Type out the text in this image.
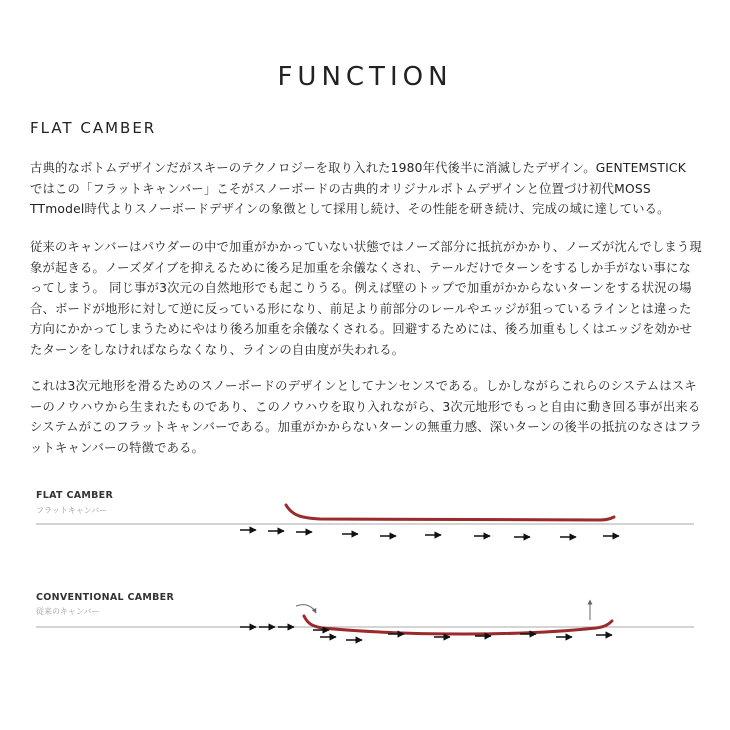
FUNCTION
FLAT CAMBER

古典的なボトムデザインだがスキーのテクノロジーを取り入れた1980年代後半に消滅したデザイン。GENTEMSTICK ではこの「フラットキャンバー」こそがスノーボードの古典的オリジナルボトムデザインと位置づけ初代MOSS TTmodel時代よりスノーボードデザインの象徴として採用し続け、その性能を研き続け、完成の域に達している。

従来のキャンバーはパウダーの中で加重がかかっていない状態ではノーズ部分に抵抗がかかり、ノーズが沈んでしまう現象が起きる。ノーズダイブを抑えるために後ろ足加重を余儀なくされ、テールだけでターンをするしか手がない事になってしまう。 同じ事が3次元の自然地形でも起こりうる。例えば壁のトップで加重がかからないターンをする状況の場合、ボードが地形に対して逆に反っている形になり、前足より前部分のレールやエッジが狙っているラインとは違った方向にかかってしまうためにやはり後ろ加重を余儀なくされる。回避するためには、後ろ加重もしくはエッジを効かせたターンをしなければならなくなり、ラインの自由度が失われる。

これは3次元地形を滑るためのスノーボードのデザインとしてナンセンスである。しかしながらこれらのシステムはスキーのノウハウから生まれたものであり、このノウハウを取り入れながら、3次元地形でもっと自由に動き回る事が出来るシステムがこのフラットキャンバーである。加重がかからないターンの無重力感、深いターンの後半の抵抗のなさはフラットキャンバーの特徴である。

FLAT CAMBER
フラットキャンバー
CONVENTIONAL CAMBER
従来のキャンバー
